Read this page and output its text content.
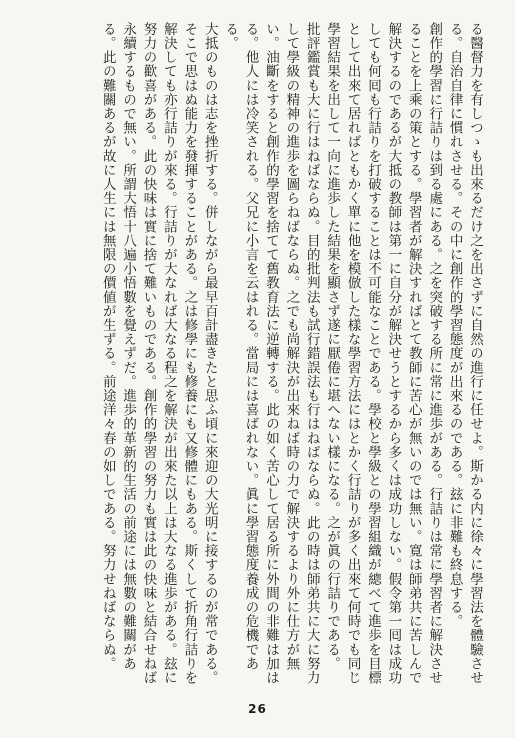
る醫督力を有しつゝも出來るだけ之を出さずに自然の進行に任せよ。斯かる内に徐々に學習法を體驗させる。自治自律に慣れさせる。その中に創作的學習態度が出來るのである。玆に非難も終息する。

創作的學習に行詰りは到る處にある。之を突破する所に常に進歩がある。行詰りは常に學習者に解決させることを上乘の策とする。學習者が解決すればとて教師に苦心が無いのでは無い。寛は師弟共に苦しんで解決するのであるが大抵の教師は第一に自分が解決せうとするから多くは成功しない。假令第一囘は成功しても何囘も行詰りを打破することは不可能なことである。學校と學級との學習組織が總べて進歩を目標として出來て居ればともかく單に他を模倣した樣な學習方法にはとかく行詰りが多く出來て何時でも同じ學習結果を出して一向に進歩した結果を顯さず遂に厭倦に堪へない樣になる。之が眞の行詰りである。

批評鑑賞も大に行はねばならぬ。目的批判法も試行錯誤法も行はねばならぬ。此の時は師弟共に大に努力して學級の精神の進歩を圖らねばならぬ。之でも尚解決が出來ねば時の力で解決するより外に仕方が無い。油斷をすると創作的學習を捨てて舊教育法に逆轉する。此の如く苦心して居る所に外間の非難は加はる。他人には冷笑される。父兄に小言を云はれる。當局には喜ばれない。眞に學習態度養成の危機である。

大抵のものは志を挫折する。併しながら最早百計盡きたと思ふ頃に來迎の大光明に接するのが常である。そこで思はぬ能力を發揮することがある。之は修學にも修養にも又修體にもある。斯くして折角行詰りを解決しても亦行詰りが來る。行詰りが大なれば大なる程之を解決が出來た以上は大なる進歩がある。玆に努力の歡喜がある。此の快味は實に捨て難いものである。創作的學習の努力も實は此の快味と結合せねば永續するもので無い。所謂大悟十八遍小悟數を覺えずだ。進歩的革新的生活の前途には無數の難關がある。此の難關あるが故に人生には無限の價値が生ずる。前途洋々春の如しである。努力せねばならぬ。

26
